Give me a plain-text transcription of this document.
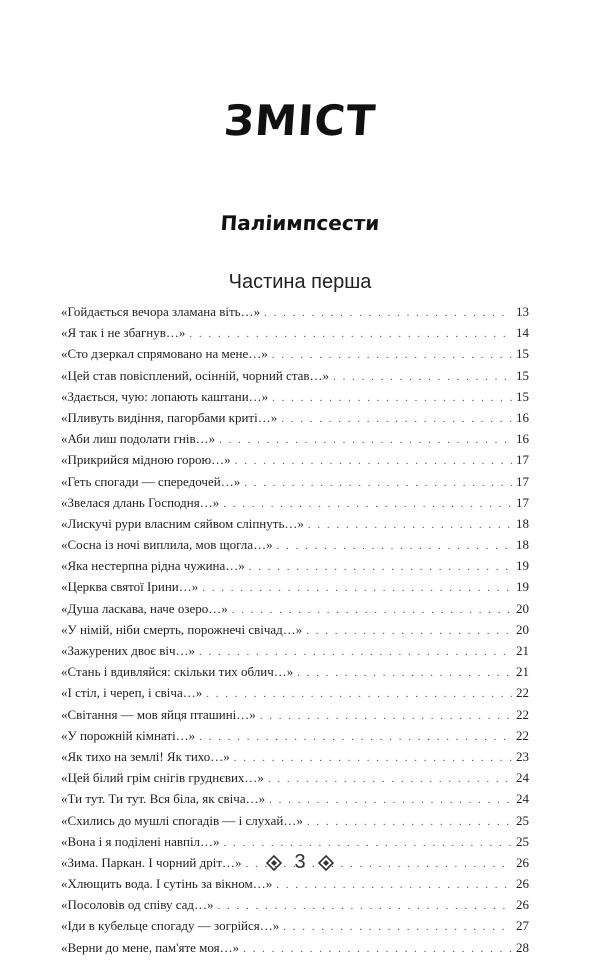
ЗМІСТ
Паліимпсести
Частина перша
«Гойдається вечора зламана віть…» . . .	13
«Я так і не збагнув…» . . .	14
«Сто дзеркал спрямовано на мене…» . . .	15
«Цей став повісплений, осінній, чорний став…» . . .	15
«Здається, чую: лопають каштани…» . . .	15
«Пливуть видіння, пагорбами криті…» . . .	16
«Аби лиш подолати гнів…» . . .	16
«Прикрийся мідною горою…» . . .	17
«Геть спогади — спередочей…» . . .	17
«Звелася длань Господня…» . . .	17
«Лискучі рури власним сяйвом сліпнуть…» . . .	18
«Сосна із ночі виплила, мов щогла…» . . .	18
«Яка нестерпна рідна чужина…» . . .	19
«Церква святої Ірини…» . . .	19
«Душа ласкава, наче озеро…» . . .	20
«У німій, ніби смерть, порожнечі свічад…» . . .	20
«Зажурених двоє віч…» . . .	21
«Стань і вдивляйся: скільки тих облич…» . . .	21
«І стіл, і череп, і свіча…» . . .	22
«Світання — мов яйця пташині…» . . .	22
«У порожній кімнаті…» . . .	22
«Як тихо на землі! Як тихо…» . . .	23
«Цей білий грім снігів груднєвих…» . . .	24
«Ти тут. Ти тут. Вся біла, як свіча…» . . .	24
«Схились до мушлі спогадів — і слухай…» . . .	25
«Вона і я поділені навпіл…» . . .	25
«Зима. Паркан. І чорний дріт…» . . .	26
«Хлющить вода. І сутінь за вікном…» . . .	26
«Посоловів од співу сад…» . . .	26
«Іди в кубельце спогаду — зогрійся…» . . .	27
«Верни до мене, пам'яте моя…» . . .	28
3
